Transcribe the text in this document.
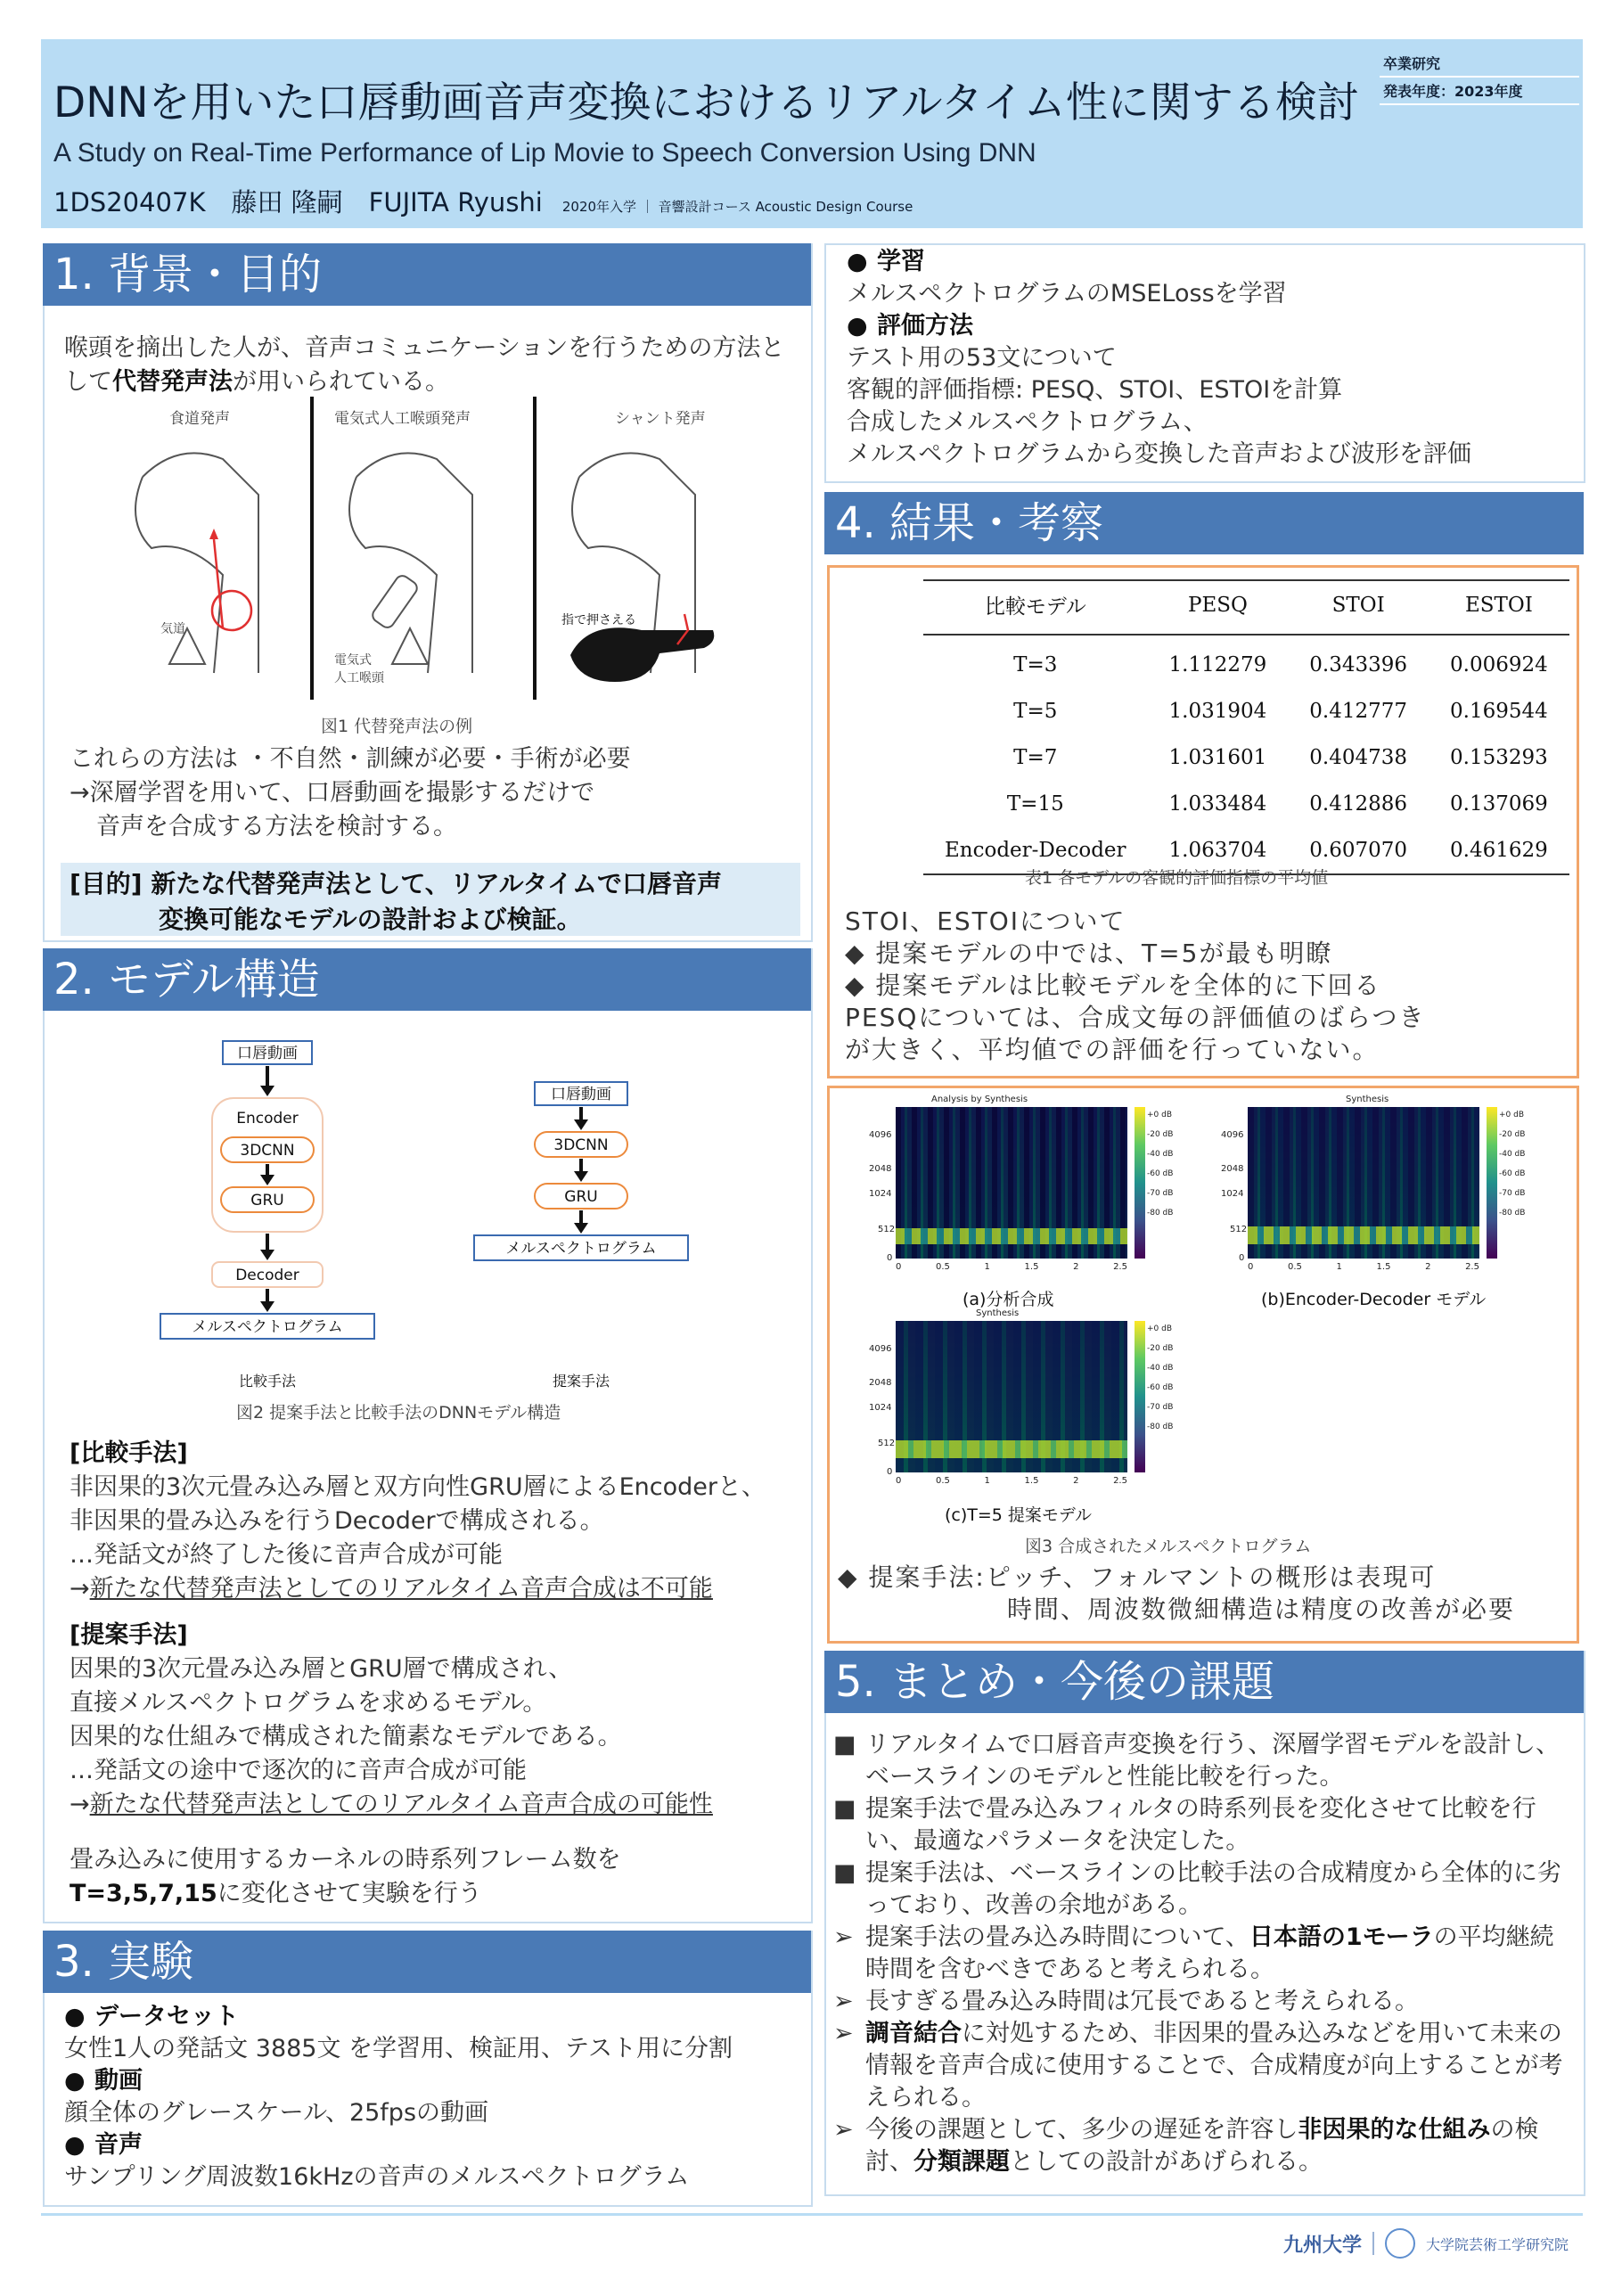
DNNを用いた口唇動画音声変換におけるリアルタイム性に関する検討
A Study on Real-Time Performance of Lip Movie to Speech Conversion Using DNN
1DS20407K　藤田 隆嗣　FUJITA Ryushi 2020年入学 ｜ 音響設計コース Acoustic Design Course
卒業研究
発表年度：2023年度
1. 背景・目的
喉頭を摘出した人が、音声コミュニケーションを行うための方法として代替発声法が用いられている。
食道発声	電気式人工喉頭発声	シャント発声
気道
電気式
人工喉頭
指で押さえる
図1 代替発声法の例
これらの方法は ・不自然・訓練が必要・手術が必要
→深層学習を用いて、口唇動画を撮影するだけで
音声を合成する方法を検討する。
[目的] 新たな代替発声法として、リアルタイムで口唇音声
変換可能なモデルの設計および検証。
2. モデル構造
口唇動画
Encoder
3DCNN
GRU
Decoder
メルスペクトログラム
比較手法
口唇動画
3DCNN
GRU
メルスペクトログラム
提案手法
図2 提案手法と比較手法のDNNモデル構造
[比較手法]
非因果的3次元畳み込み層と双方向性GRU層によるEncoderと、
非因果的畳み込みを行うDecoderで構成される。
…発話文が終了した後に音声合成が可能
→新たな代替発声法としてのリアルタイム音声合成は不可能
[提案手法]
因果的3次元畳み込み層とGRU層で構成され、
直接メルスペクトログラムを求めるモデル。
因果的な仕組みで構成された簡素なモデルである。
…発話文の途中で逐次的に音声合成が可能
→新たな代替発声法としてのリアルタイム音声合成の可能性
畳み込みに使用するカーネルの時系列フレーム数を
T=3,5,7,15に変化させて実験を行う
3. 実験
● データセット
女性1人の発話文 3885文 を学習用、検証用、テスト用に分割
● 動画
顔全体のグレースケール、25fpsの動画
● 音声
サンプリング周波数16kHzの音声のメルスペクトログラム
● 学習
メルスペクトログラムのMSELossを学習
● 評価方法
テスト用の53文について
客観的評価指標: PESQ、STOI、ESTOIを計算
合成したメルスペクトログラム、
メルスペクトログラムから変換した音声および波形を評価
4. 結果・考察
比較モデル	PESQ	STOI	ESTOI
T=3	1.112279	0.343396	0.006924
T=5	1.031904	0.412777	0.169544
T=7	1.031601	0.404738	0.153293
T=15	1.033484	0.412886	0.137069
Encoder-Decoder	1.063704	0.607070	0.461629
表1 各モデルの客観的評価指標の平均値
STOI、ESTOIについて
◆ 提案モデルの中では、T=5が最も明瞭
◆ 提案モデルは比較モデルを全体的に下回る
PESQについては、合成文毎の評価値のばらつき
が大きく、平均値での評価を行っていない。
Analysis by Synthesis
4096
2048
1024
512
0
0	0.5	1	1.5	2	2.5
+0 dB
-20 dB
-40 dB
-60 dB
-70 dB
-80 dB
(a)分析合成
Synthesis
4096
2048
1024
512
0
0	0.5	1	1.5	2	2.5
+0 dB
-20 dB
-40 dB
-60 dB
-70 dB
-80 dB
(b)Encoder-Decoder モデル
Synthesis
4096
2048
1024
512
0
0	0.5	1	1.5	2	2.5
+0 dB
-20 dB
-40 dB
-60 dB
-70 dB
-80 dB
(c)T=5 提案モデル
図3 合成されたメルスペクトログラム
◆ 提案手法:ピッチ、フォルマントの概形は表現可
時間、周波数微細構造は精度の改善が必要
5. まとめ・今後の課題
■ リアルタイムで口唇音声変換を行う、深層学習モデルを設計し、ベースラインのモデルと性能比較を行った。
■ 提案手法で畳み込みフィルタの時系列長を変化させて比較を行い、最適なパラメータを決定した。
■ 提案手法は、ベースラインの比較手法の合成精度から全体的に劣っており、改善の余地がある。
➢ 提案手法の畳み込み時間について、日本語の1モーラの平均継続時間を含むべきであると考えられる。
➢ 長すぎる畳み込み時間は冗長であると考えられる。
➢ 調音結合に対処するため、非因果的畳み込みなどを用いて未来の情報を音声合成に使用することで、合成精度が向上することが考えられる。
➢ 今後の課題として、多少の遅延を許容し非因果的な仕組みの検討、分類課題としての設計があげられる。
九州大学	大学院芸術工学研究院
